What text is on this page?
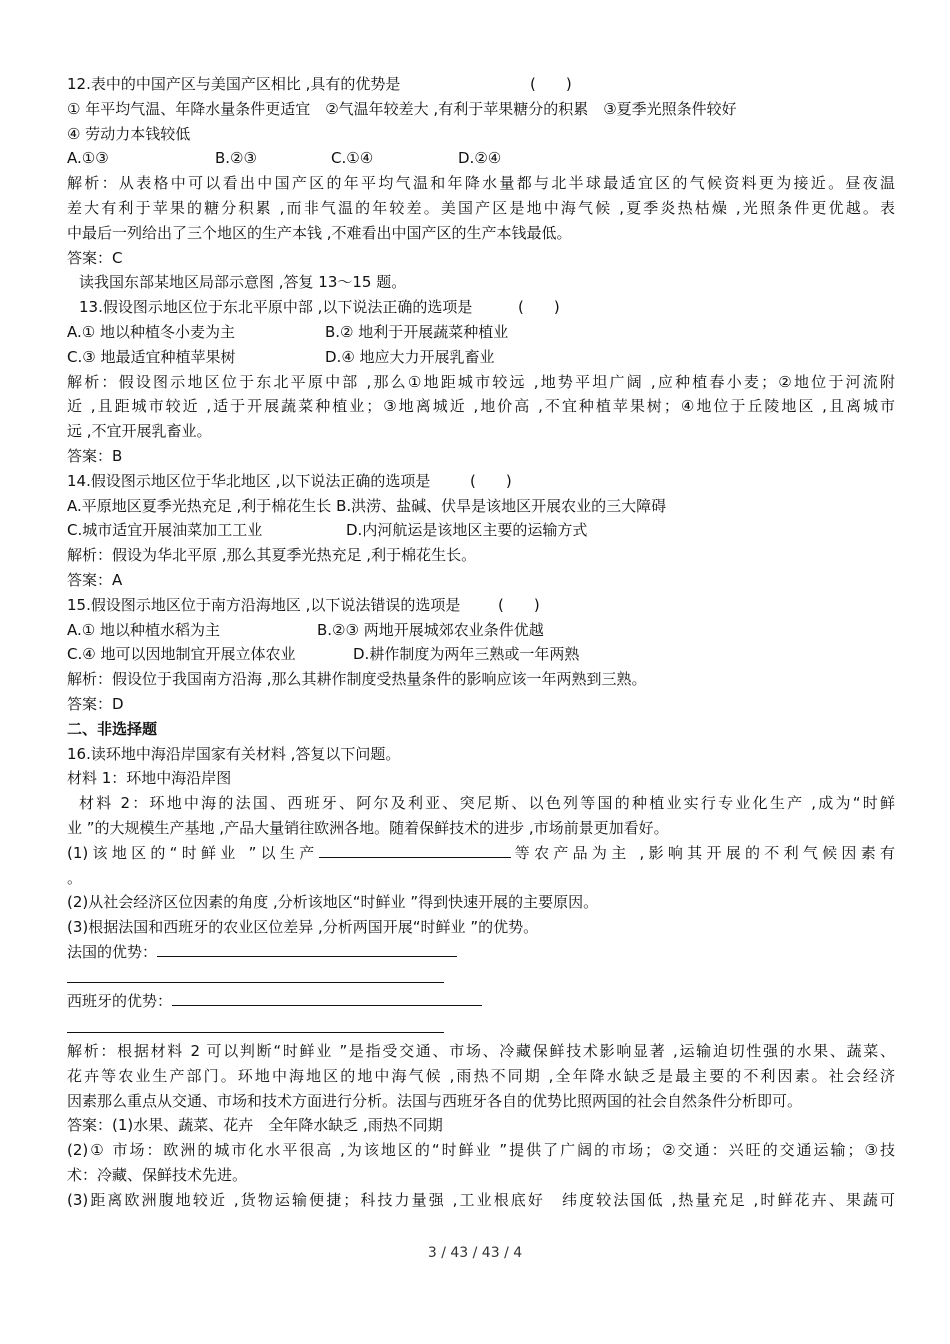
12.表中的中国产区与美国产区相比 ,具有的优势是	(　　)
① 年平均气温、年降水量条件更适宜　②气温年较差大 ,有利于苹果糖分的积累　③夏季光照条件较好
④ 劳动力本钱较低
A.①③	B.②③	C.①④	D.②④
解析：从表格中可以看出中国产区的年平均气温和年降水量都与北半球最适宜区的气候资料更为接近。昼夜温
差大有利于苹果的糖分积累 ,而非气温的年较差。美国产区是地中海气候 ,夏季炎热枯燥 ,光照条件更优越。表
中最后一列给出了三个地区的生产本钱 ,不难看出中国产区的生产本钱最低。
答案：C
读我国东部某地区局部示意图 ,答复 13～15 题。
13.假设图示地区位于东北平原中部 ,以下说法正确的选项是	(　　)
A.① 地以种植冬小麦为主	B.② 地利于开展蔬菜种植业
C.③ 地最适宜种植苹果树	D.④ 地应大力开展乳畜业
解析：假设图示地区位于东北平原中部 ,那么①地距城市较远 ,地势平坦广阔 ,应种植春小麦；②地位于河流附
近 ,且距城市较近 ,适于开展蔬菜种植业；③地离城近 ,地价高 ,不宜种植苹果树；④地位于丘陵地区 ,且离城市
远 ,不宜开展乳畜业。
答案：B
14.假设图示地区位于华北地区 ,以下说法正确的选项是	(　　)
A.平原地区夏季光热充足 ,利于棉花生长 B.洪涝、盐碱、伏旱是该地区开展农业的三大障碍
C.城市适宜开展油菜加工工业	D.内河航运是该地区主要的运输方式
解析：假设为华北平原 ,那么其夏季光热充足 ,利于棉花生长。
答案：A
15.假设图示地区位于南方沿海地区 ,以下说法错误的选项是	(　　)
A.① 地以种植水稻为主	B.②③ 两地开展城郊农业条件优越
C.④ 地可以因地制宜开展立体农业	D.耕作制度为两年三熟或一年两熟
解析：假设位于我国南方沿海 ,那么其耕作制度受热量条件的影响应该一年两熟到三熟。
答案：D
二、非选择题
16.读环地中海沿岸国家有关材料 ,答复以下问题。
材料 1：环地中海沿岸图
材料 2：环地中海的法国、西班牙、阿尔及利亚、突尼斯、以色列等国的种植业实行专业化生产 ,成为“时鲜
业 ”的大规模生产基地 ,产品大量销往欧洲各地。随着保鲜技术的进步 ,市场前景更加看好。
(1)该地区的“时鲜业 ”以生产	等农产品为主 ,影响其开展的不利气候因素有
。
(2)从社会经济区位因素的角度 ,分析该地区“时鲜业 ”得到快速开展的主要原因。
(3)根据法国和西班牙的农业区位差异 ,分析两国开展“时鲜业 ”的优势。
法国的优势：
西班牙的优势：
解析：根据材料 2 可以判断“时鲜业 ”是指受交通、市场、冷藏保鲜技术影响显著 ,运输迫切性强的水果、蔬菜、
花卉等农业生产部门。环地中海地区的地中海气候 ,雨热不同期 ,全年降水缺乏是最主要的不利因素。社会经济
因素那么重点从交通、市场和技术方面进行分析。法国与西班牙各自的优势比照两国的社会自然条件分析即可。
答案：(1)水果、蔬菜、花卉　全年降水缺乏 ,雨热不同期
(2)① 市场：欧洲的城市化水平很高 ,为该地区的“时鲜业 ”提供了广阔的市场；②交通：兴旺的交通运输；③技
术：冷藏、保鲜技术先进。
(3)距离欧洲腹地较近 ,货物运输便捷；科技力量强 ,工业根底好　纬度较法国低 ,热量充足 ,时鲜花卉、果蔬可
3 / 43 / 43 / 4
